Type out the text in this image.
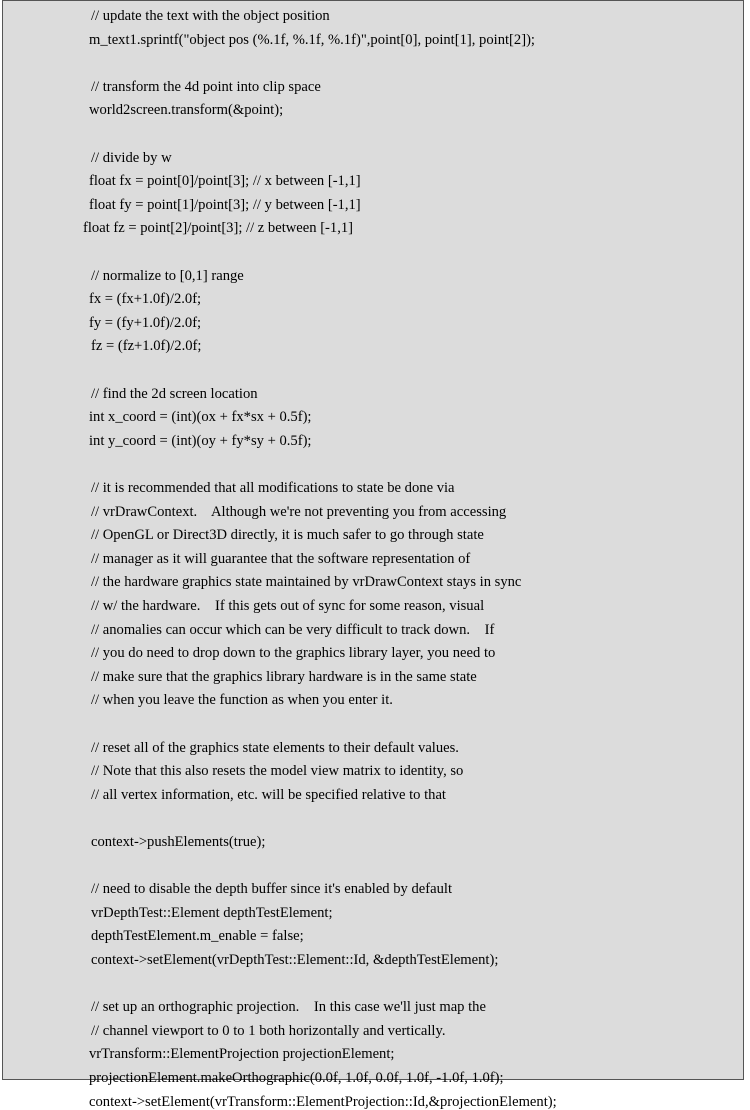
// update the text with the object position
m_text1.sprintf("object pos (%.1f, %.1f, %.1f)",point[0], point[1], point[2]);
// transform the 4d point into clip space
world2screen.transform(&point);
// divide by w
float fx = point[0]/point[3]; // x between [-1,1]
float fy = point[1]/point[3]; // y between [-1,1]
float fz = point[2]/point[3]; // z between [-1,1]
// normalize to [0,1] range
fx = (fx+1.0f)/2.0f;
fy = (fy+1.0f)/2.0f;
fz = (fz+1.0f)/2.0f;
// find the 2d screen location
int x_coord = (int)(ox + fx*sx + 0.5f);
int y_coord = (int)(oy + fy*sy + 0.5f);
// it is recommended that all modifications to state be done via
// vrDrawContext.    Although we're not preventing you from accessing
// OpenGL or Direct3D directly, it is much safer to go through state
// manager as it will guarantee that the software representation of
// the hardware graphics state maintained by vrDrawContext stays in sync
// w/ the hardware.    If this gets out of sync for some reason, visual
// anomalies can occur which can be very difficult to track down.    If
// you do need to drop down to the graphics library layer, you need to
// make sure that the graphics library hardware is in the same state
// when you leave the function as when you enter it.
// reset all of the graphics state elements to their default values.
// Note that this also resets the model view matrix to identity, so
// all vertex information, etc. will be specified relative to that
context->pushElements(true);
// need to disable the depth buffer since it's enabled by default
vrDepthTest::Element depthTestElement;
depthTestElement.m_enable = false;
context->setElement(vrDepthTest::Element::Id, &depthTestElement);
// set up an orthographic projection.    In this case we'll just map the
// channel viewport to 0 to 1 both horizontally and vertically.
vrTransform::ElementProjection projectionElement;
projectionElement.makeOrthographic(0.0f, 1.0f, 0.0f, 1.0f, -1.0f, 1.0f);
context->setElement(vrTransform::ElementProjection::Id,&projectionElement);
